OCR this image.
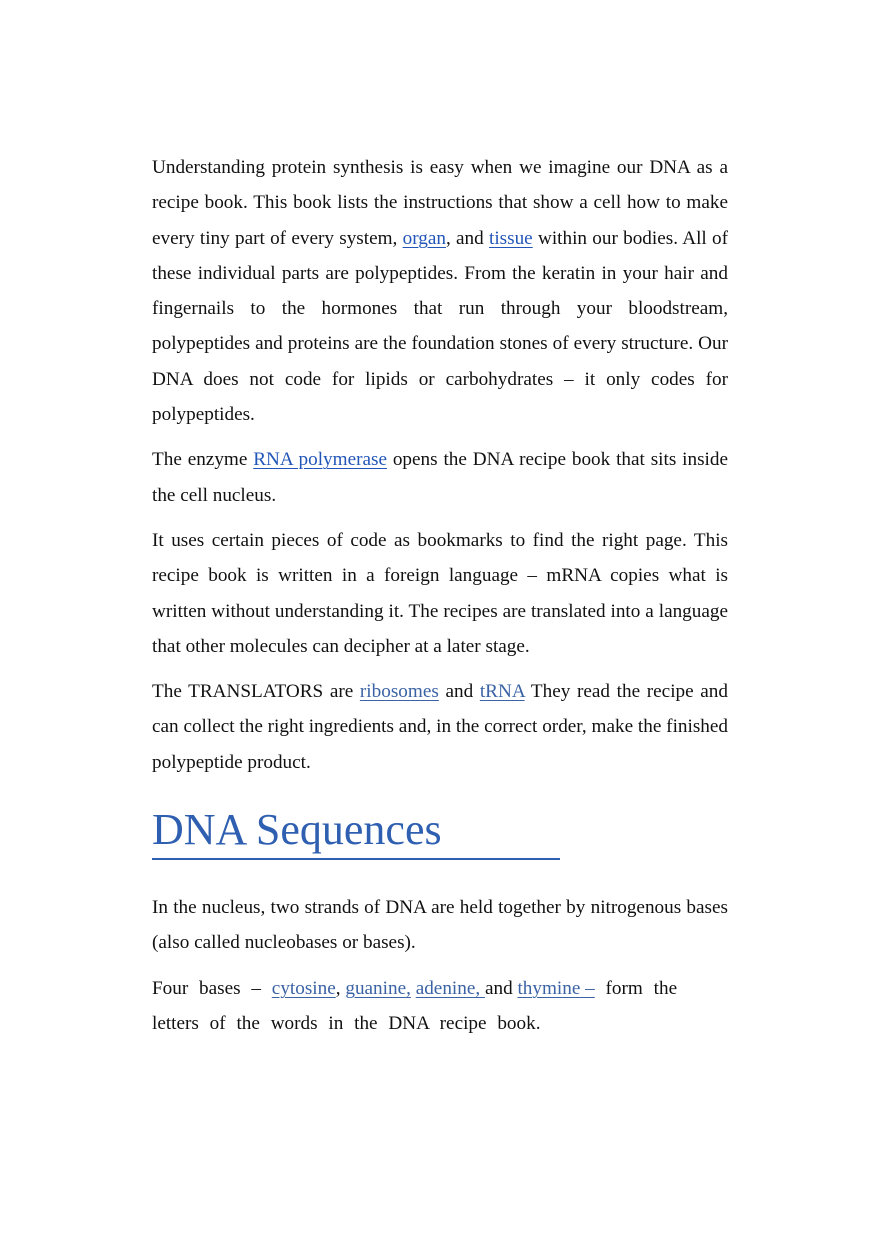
Understanding protein synthesis is easy when we imagine our DNA as a recipe book. This book lists the instructions that show a cell how to make every tiny part of every system, organ, and tissue within our bodies. All of these individual parts are polypeptides. From the keratin in your hair and fingernails to the hormones that run through your bloodstream, polypeptides and proteins are the foundation stones of every structure. Our DNA does not code for lipids or carbohydrates – it only codes for polypeptides.

The enzyme RNA polymerase opens the DNA recipe book that sits inside the cell nucleus.

It uses certain pieces of code as bookmarks to find the right page. This recipe book is written in a foreign language – mRNA copies what is written without understanding it. The recipes are translated into a language that other molecules can decipher at a later stage.

The TRANSLATORS are ribosomes and tRNA They read the recipe and can collect the right ingredients and, in the correct order, make the finished polypeptide product.

DNA Sequences

In the nucleus, two strands of DNA are held together by nitrogenous bases (also called nucleobases or bases).

Four bases – cytosine, guanine, adenine, and thymine – form the letters of the words in the DNA recipe book.
